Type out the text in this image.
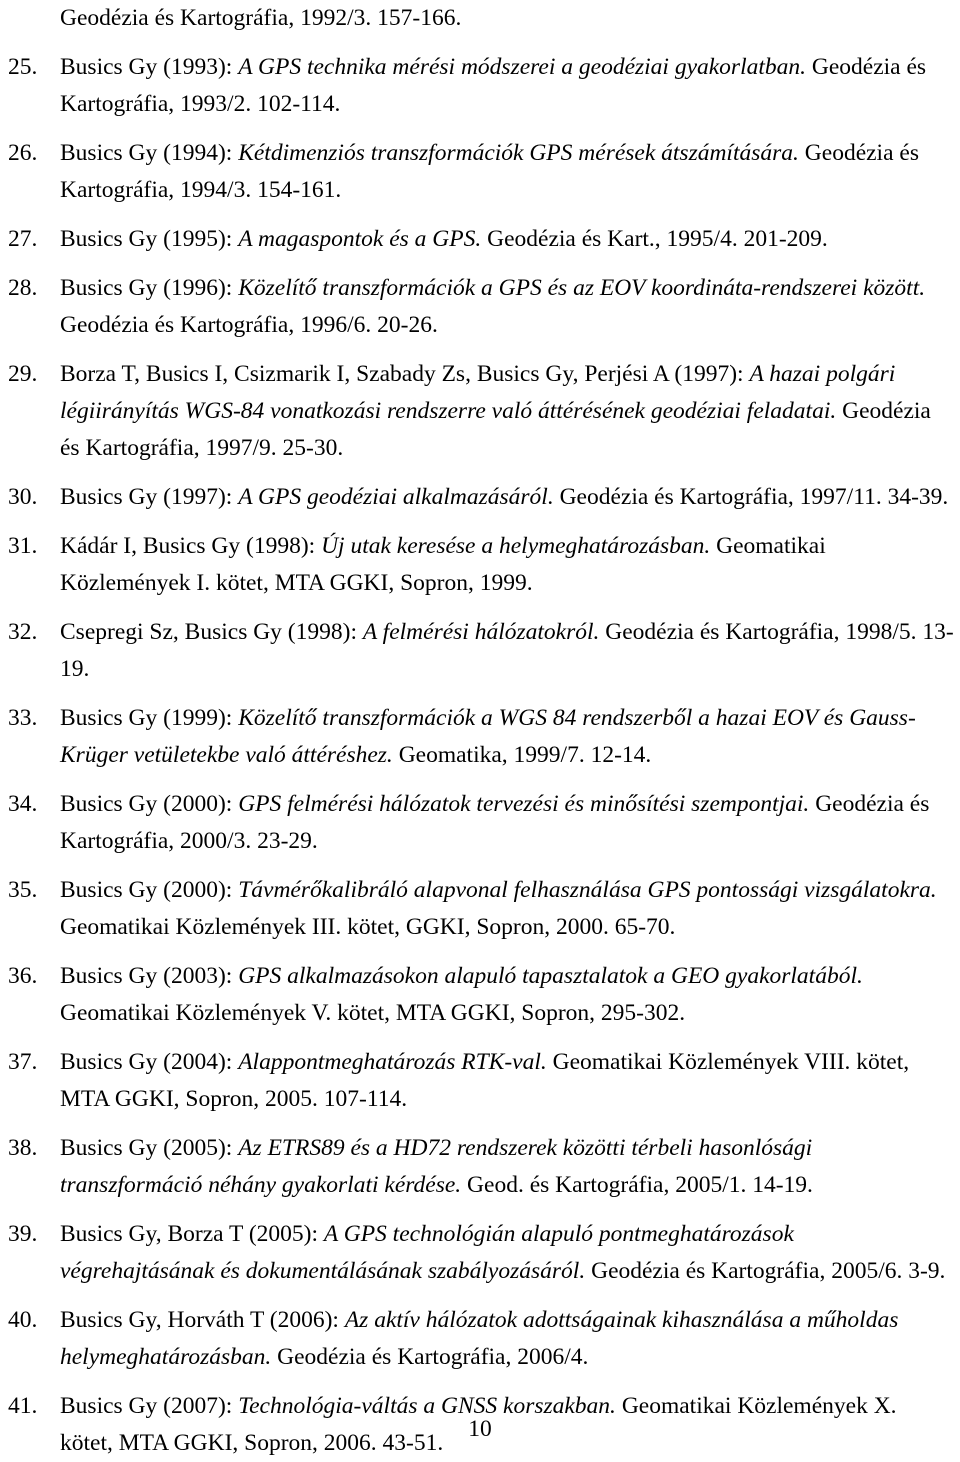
Geodézia és Kartográfia, 1992/3. 157-166.
25. Busics Gy (1993): A GPS technika mérési módszerei a geodéziai gyakorlatban. Geodézia és Kartográfia, 1993/2. 102-114.
26. Busics Gy (1994): Kétdimenziós transzformációk GPS mérések átszámítására. Geodézia és Kartográfia, 1994/3. 154-161.
27. Busics Gy (1995): A magaspontok és a GPS. Geodézia és Kart., 1995/4. 201-209.
28. Busics Gy (1996): Közelítő transzformációk a GPS és az EOV koordináta-rendszerei között. Geodézia és Kartográfia, 1996/6. 20-26.
29. Borza T, Busics I, Csizmarik I, Szabady Zs, Busics Gy, Perjési A (1997): A hazai polgári légiirányítás WGS-84 vonatkozási rendszerre való áttérésének geodéziai feladatai. Geodézia és Kartográfia, 1997/9. 25-30.
30. Busics Gy (1997): A GPS geodéziai alkalmazásáról. Geodézia és Kartográfia, 1997/11. 34-39.
31. Kádár I, Busics Gy (1998): Új utak keresése a helymeghatározásban. Geomatikai Közlemények I. kötet, MTA GGKI, Sopron, 1999.
32. Csepregi Sz, Busics Gy (1998): A felmérési hálózatokról. Geodézia és Kartográfia, 1998/5. 13-19.
33. Busics Gy (1999): Közelítő transzformációk a WGS 84 rendszerből a hazai EOV és Gauss-Krüger vetületekbe való áttéréshez. Geomatika, 1999/7. 12-14.
34. Busics Gy (2000): GPS felmérési hálózatok tervezési és minősítési szempontjai. Geodézia és Kartográfia, 2000/3. 23-29.
35. Busics Gy (2000): Távmérőkalibráló alapvonal felhasználása GPS pontossági vizsgálatokra. Geomatikai Közlemények III. kötet, GGKI, Sopron, 2000. 65-70.
36. Busics Gy (2003): GPS alkalmazásokon alapuló tapasztalatok a GEO gyakorlatából. Geomatikai Közlemények V. kötet, MTA GGKI, Sopron, 295-302.
37. Busics Gy (2004): Alappontmeghatározás RTK-val. Geomatikai Közlemények VIII. kötet, MTA GGKI, Sopron, 2005. 107-114.
38. Busics Gy (2005): Az ETRS89 és a HD72 rendszerek közötti térbeli hasonlósági transzformáció néhány gyakorlati kérdése. Geod. és Kartográfia, 2005/1. 14-19.
39. Busics Gy, Borza T (2005): A GPS technológián alapuló pontmeghatározások végrehajtásának és dokumentálásának szabályozásáról. Geodézia és Kartográfia, 2005/6. 3-9.
40. Busics Gy, Horváth T (2006): Az aktív hálózatok adottságainak kihasználása a műholdas helymeghatározásban. Geodézia és Kartográfia, 2006/4.
41. Busics Gy (2007): Technológia-váltás a GNSS korszakban. Geomatikai Közlemények X. kötet, MTA GGKI, Sopron, 2006. 43-51.
10
